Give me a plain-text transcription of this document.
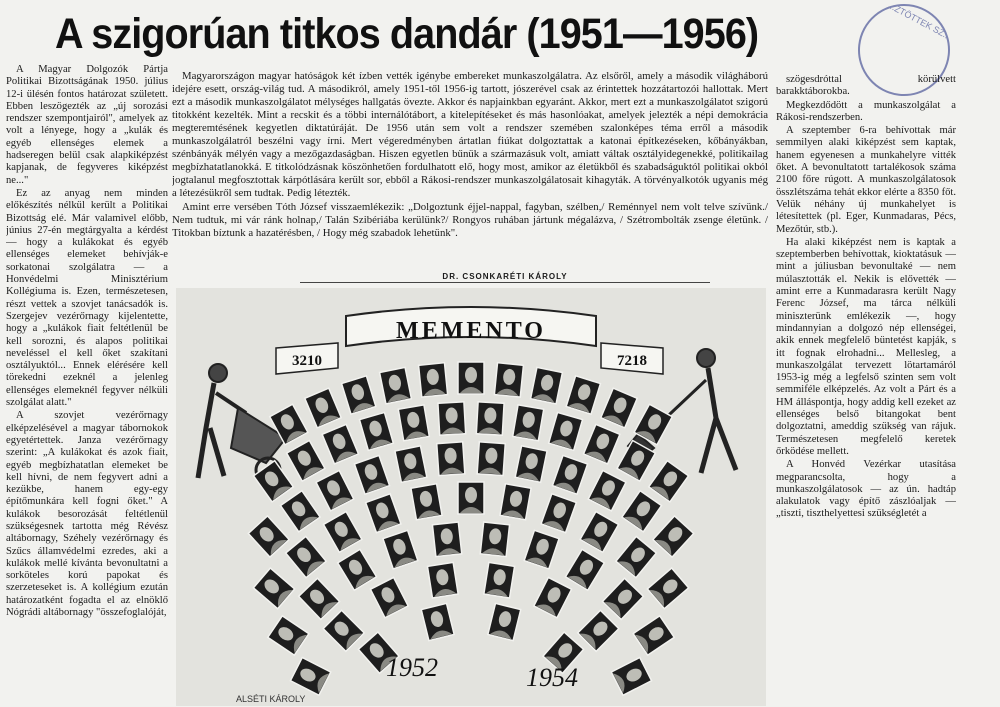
A szigorúan titkos dandár (1951—1956)	...ZTÖTTEK SZ...

A Magyar Dolgozók Pártja Politikai Bizottságának 1950. július 12-i ülésén fontos határozat született. Ebben leszögezték az „új sorozási rendszer szempontjairól", amelyek az volt a lényege, hogy a „kulák és egyéb ellenséges elemek a hadseregen belül csak alapkiképzést kapjanak, de fegyveres kiképzést ne..."

Ez az anyag nem minden előkészítés nélkül került a Politikai Bizottság elé. Már valamivel előbb, június 27-én megtárgyalta a kérdést — hogy a kulákokat és egyéb ellenséges elemeket behívják-e sorkatonai szolgálatra — a Honvédelmi Minisztérium Kollégiuma is. Ezen, természetesen, részt vettek a szovjet tanácsadók is. Szergejev vezérőrnagy kijelentette, hogy a „kulákok fiait feltétlenül be kell sorozni, és alapos politikai neveléssel el kell őket szakítani osztályuktól... Ennek elérésére kell törekedni ezeknél a jelenleg ellenséges elemeknél fegyver nélküli szolgálat alatt."

A szovjet vezérőrnagy elképzelésével a magyar tábornokok egyetértettek. Janza vezérőrnagy szerint: „A kulákokat és azok fiait, egyéb megbízhatatlan elemeket be kell hívni, de nem fegyvert adni a kezükbe, hanem egy-egy építőmunkára kell fogni őket." A kulákok besorozását feltétlenül szükségesnek tartotta még Révész altábornagy, Széhely vezérőrnagy és Szűcs államvédelmi ezredes, aki a kulákok mellé kívánta bevonultatni a sorköteles korú papokat és szerzeteseket is. A kollégium ezután határozatként fogadta el az elnöklő Nógrádi altábornagy "összefoglalóját,

Magyarországon magyar hatóságok két ízben vették igénybe embereket munkaszolgálatra. Az elsőről, amely a második világháború idejére esett, ország-világ tud. A másodikról, amely 1951-től 1956-ig tartott, jószerével csak az érintettek hozzátartozói hallottak. Mert ezt a második munkaszolgálatot mélységes hallgatás övezte. Akkor és napjainkban egyaránt. Akkor, mert ezt a munkaszolgálatot szigorú titokként kezelték. Mint a recskit és a többi internálótábort, a kitelepítéseket és más hasonlóakat, amelyek jelezték a népi demokrácia megteremtésének kegyetlen diktatúráját. De 1956 után sem volt a rendszer szemében szalonképes téma erről a második munkaszolgálatról beszélni vagy írni. Mert végeredményben ártatlan fiúkat dolgoztattak a katonai építkezéseken, kőbányákban, szénbányák mélyén vagy a mezőgazdaságban. Hiszen egyetlen bűnük a származásuk volt, amiatt váltak osztályidegenekké, politikailag megbízhatatlanokká. E titkolódzásnak köszönhetően fordulhatott elő, hogy most, amikor az életükből és szabadságuktól politikai okból jogtalanul megfosztottak kárpótlására került sor, ebből a Rákosi-rendszer munkaszolgálatosait kihagyták. A törvényalkotók ugyanis még a létezésükről sem tudtak. Pedig létezték.

Amint erre versében Tóth József visszaemlékezik: „Dolgoztunk éjjel-nappal, fagyban, szélben,/ Reménnyel nem volt telve szívünk./ Nem tudtuk, mi vár ránk holnap,/ Talán Szibériába kerülünk?/ Rongyos ruhában jártunk mégalázva, / Szétrombolták zsenge életünk. / Titokban bíztunk a hazatérésben, / Hogy még szabadok lehetünk".

szögesdróttal körülvett barakktáborokba.

Megkezdődött a munkaszolgálat a Rákosi-rendszerben.

A szeptember 6-ra behívottak már semmilyen alaki kiképzést sem kaptak, hanem egyenesen a munkahelyre vitték őket. A bevonultatott tartalékosok száma 2100 főre rúgott. A munkaszolgálatosok összlétszáma tehát ekkor elérte a 8350 főt. Velük néhány új munkahelyet is létesítettek (pl. Eger, Kunmadaras, Pécs, Mezőtúr, stb.).

Ha alaki kiképzést nem is kaptak a szeptemberben behívottak, kioktatásuk — mint a júliusban bevonultaké — nem múlasztották el. Nekik is elővették — amint erre a Kunmadarasra került Nagy Ferenc József, ma tárca nélküli miniszterünk emlékezik —, hogy mindannyian a dolgozó nép ellenségei, akik ennek megfelelő büntetést kapják, s itt fognak elrohadni... Mellesleg, a munkaszolgálat tervezett lötartamáról 1953-ig még a legfelső szinten sem volt semmiféle elképzelés. Az volt a Párt és a HM álláspontja, hogy addig kell ezeket az ellenséges belső bitangokat bent dolgoztatni, ameddig szükség van rájuk. Természetesen megfelelő keretek őrködése mellett.

A Honvéd Vezérkar utasítása megparancsolta, hogy a munkaszolgálatosok — az ún. hadtáp alakulatok vagy építő zászlóaljak — „tiszti, tiszthelyettesi szükségletét a

DR. CSONKARÉTI KÁROLY

MEMENTO
3210	7218
1952	1954
ALSÉTI KÁROLY
